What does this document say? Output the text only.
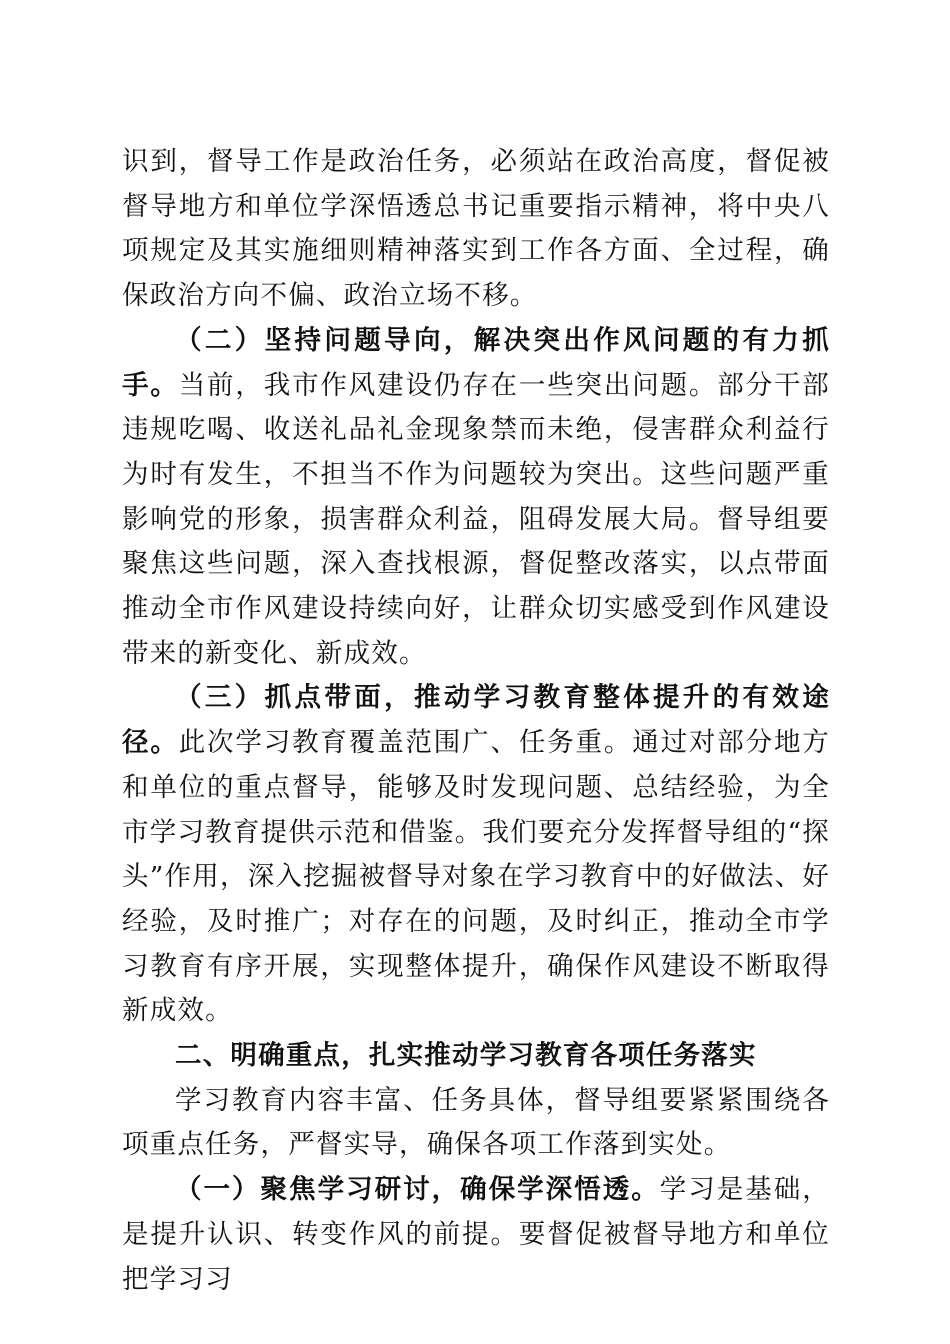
识到，督导工作是政治任务，必须站在政治高度，督促被督导地方和单位学深悟透总书记重要指示精神，将中央八项规定及其实施细则精神落实到工作各方面、全过程，确保政治方向不偏、政治立场不移。

（二）坚持问题导向，解决突出作风问题的有力抓手。当前，我市作风建设仍存在一些突出问题。部分干部违规吃喝、收送礼品礼金现象禁而未绝，侵害群众利益行为时有发生，不担当不作为问题较为突出。这些问题严重影响党的形象，损害群众利益，阻碍发展大局。督导组要聚焦这些问题，深入查找根源，督促整改落实，以点带面推动全市作风建设持续向好，让群众切实感受到作风建设带来的新变化、新成效。

（三）抓点带面，推动学习教育整体提升的有效途径。此次学习教育覆盖范围广、任务重。通过对部分地方和单位的重点督导，能够及时发现问题、总结经验，为全市学习教育提供示范和借鉴。我们要充分发挥督导组的“探头”作用，深入挖掘被督导对象在学习教育中的好做法、好经验，及时推广；对存在的问题，及时纠正，推动全市学习教育有序开展，实现整体提升，确保作风建设不断取得新成效。

二、明确重点，扎实推动学习教育各项任务落实

学习教育内容丰富、任务具体，督导组要紧紧围绕各项重点任务，严督实导，确保各项工作落到实处。

（一）聚焦学习研讨，确保学深悟透。学习是基础，是提升认识、转变作风的前提。要督促被督导地方和单位把学习习
